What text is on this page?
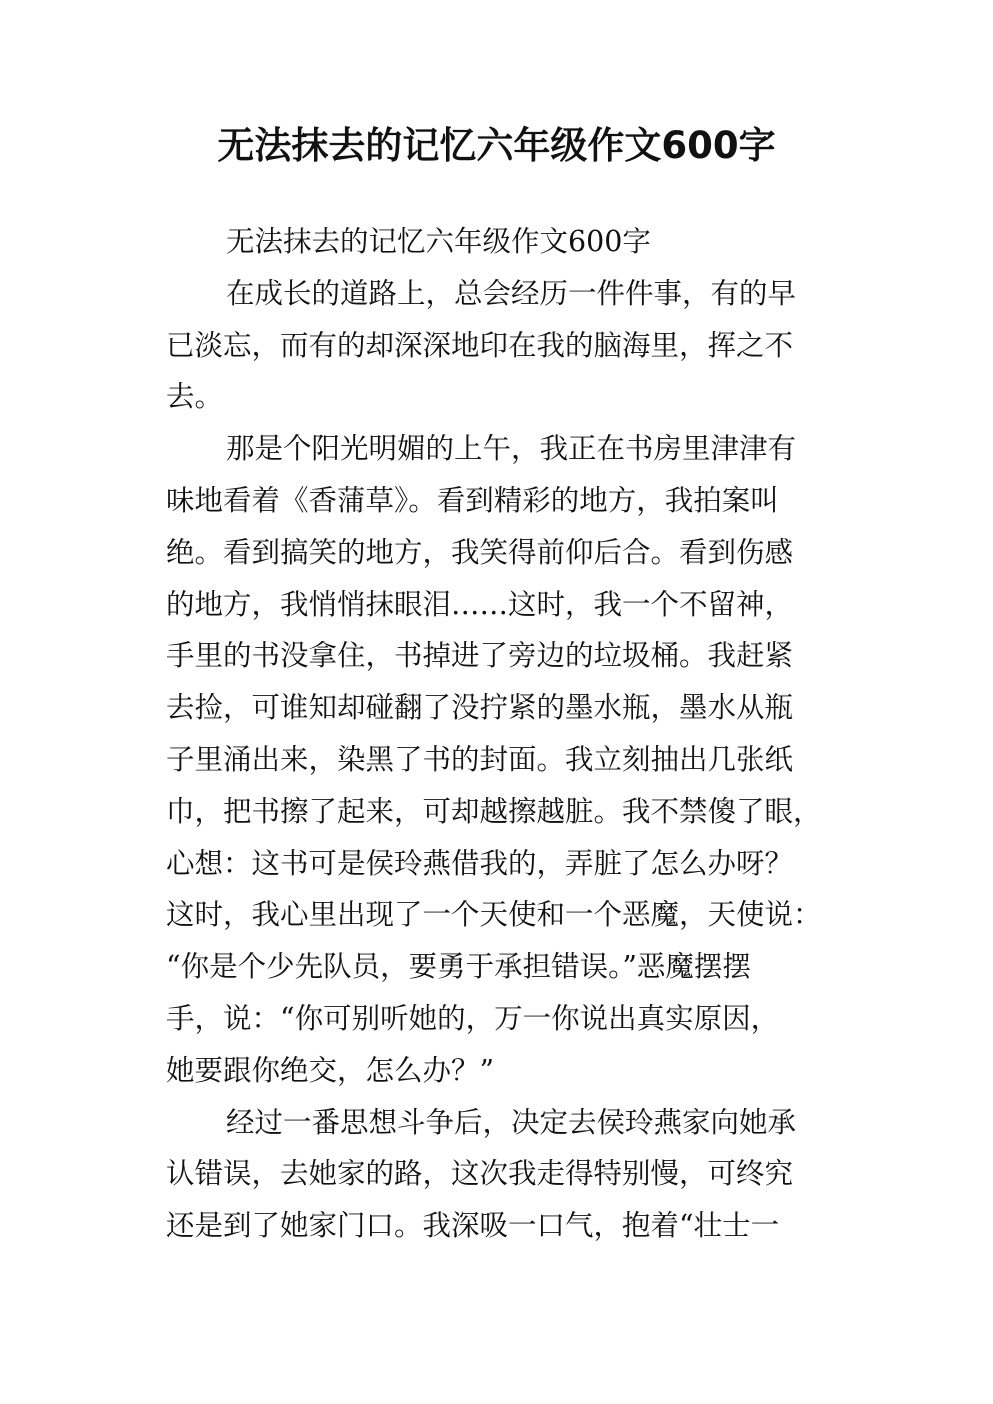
无法抹去的记忆六年级作文600字
无法抹去的记忆六年级作文600字
在成长的道路上，总会经历一件件事，有的早
已淡忘，而有的却深深地印在我的脑海里，挥之不
去。
那是个阳光明媚的上午，我正在书房里津津有
味地看着《香蒲草》。看到精彩的地方，我拍案叫
绝。看到搞笑的地方，我笑得前仰后合。看到伤感
的地方，我悄悄抹眼泪……这时，我一个不留神，
手里的书没拿住，书掉进了旁边的垃圾桶。我赶紧
去捡，可谁知却碰翻了没拧紧的墨水瓶，墨水从瓶
子里涌出来，染黑了书的封面。我立刻抽出几张纸
巾，把书擦了起来，可却越擦越脏。我不禁傻了眼，
心想：这书可是侯玲燕借我的，弄脏了怎么办呀？
这时，我心里出现了一个天使和一个恶魔，天使说：
“你是个少先队员，要勇于承担错误。”恶魔摆摆
手，说：“你可别听她的，万一你说出真实原因，
她要跟你绝交，怎么办？”
经过一番思想斗争后，决定去侯玲燕家向她承
认错误，去她家的路，这次我走得特别慢，可终究
还是到了她家门口。我深吸一口气，抱着“壮士一
